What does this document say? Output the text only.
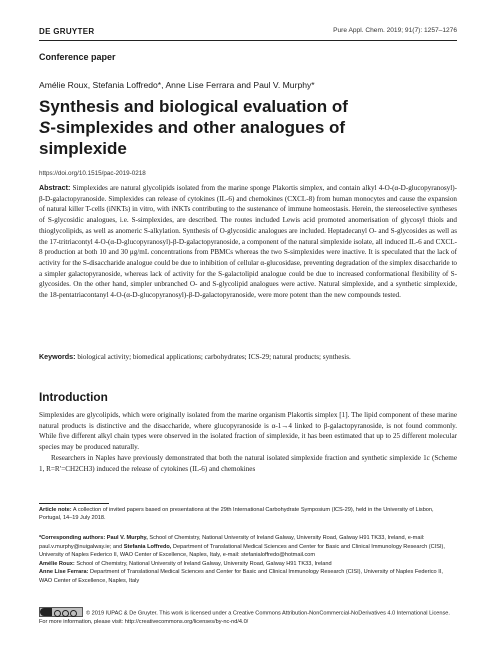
DE GRUYTER	Pure Appl. Chem. 2019; 91(7): 1257–1276
Conference paper
Amélie Roux, Stefania Loffredo*, Anne Lise Ferrara and Paul V. Murphy*
Synthesis and biological evaluation of
S-simplexides and other analogues of
simplexide
https://doi.org/10.1515/pac-2019-0218
Abstract: Simplexides are natural glycolipids isolated from the marine sponge Plakortis simplex, and contain alkyl 4-O-(α-D-glucopyranosyl)-β-D-galactopyranoside. Simplexides can release of cytokines (IL-6) and chemokines (CXCL-8) from human monocytes and cause the expansion of natural killer T-cells (iNKTs) in vitro, with iNKTs contributing to the sustenance of immune homeostasis. Herein, the stereoselective syntheses of S-glycosidic analogues, i.e. S-simplexides, are described. The routes included Lewis acid promoted anomerisation of glycosyl thiols and thioglycolipids, as well as anomeric S-alkylation. Synthesis of O-glycosidic analogues are included. Heptadecanyl O- and S-glycosides as well as the 17-tritriacontyl 4-O-(α-D-glucopyranosyl)-β-D-galactopyranoside, a component of the natural simplexide isolate, all induced IL-6 and CXCL-8 production at both 10 and 30 μg/mL concentrations from PBMCs whereas the two S-simplexides were inactive. It is speculated that the lack of activity for the S-disaccharide analogue could be due to inhibition of cellular α-glucosidase, preventing degradation of the simplex disaccharide to a simpler galactopyranoside, whereas lack of activity for the S-galactolipid analogue could be due to increased conformational flexibility of S-glycosides. On the other hand, simpler unbranched O- and S-glycolipid analogues were active. Natural simplexide, and a synthetic simplexide, the 18-pentatriacontanyl 4-O-(α-D-glucopyranosyl)-β-D-galactopyranoside, were more potent than the new compounds tested.
Keywords: biological activity; biomedical applications; carbohydrates; ICS-29; natural products; synthesis.
Introduction

Simplexides are glycolipids, which were originally isolated from the marine organism Plakortis simplex [1]. The lipid component of these marine natural products is distinctive and the disaccharide, where glucopyranoside is α-1→4 linked to β-galactopyranoside, is not found commonly. While five different alkyl chain types were observed in the isolated fraction of simplexide, it has been estimated that up to 25 different molecular species may be produced naturally.

Researchers in Naples have previously demonstrated that both the natural isolated simplexide fraction and synthetic simplexide 1c (Scheme 1, R=R′=CH2CH3) induced the release of cytokines (IL-6) and chemokines

Article note: A collection of invited papers based on presentations at the 29th International Carbohydrate Symposium (ICS-29), held in the University of Lisbon, Portugal, 14–19 July 2018.
*Corresponding authors: Paul V. Murphy, School of Chemistry, National University of Ireland Galway, University Road, Galway H91 TK33, Ireland, e-mail: paul.v.murphy@nuigalway.ie; and Stefania Loffredo, Department of Translational Medical Sciences and Center for Basic and Clinical Immunology Research (CISI), University of Naples Federico II, WAO Center of Excellence, Naples, Italy, e-mail: stefanialoffredo@hotmail.com
Amélie Roux: School of Chemistry, National University of Ireland Galway, University Road, Galway H91 TK33, Ireland
Anne Lise Ferrara: Department of Translational Medical Sciences and Center for Basic and Clinical Immunology Research (CISI), University of Naples Federico II, WAO Center of Excellence, Naples, Italy
© 2019 IUPAC & De Gruyter. This work is licensed under a Creative Commons Attribution-NonCommercial-NoDerivatives 4.0 International License. For more information, please visit: http://creativecommons.org/licenses/by-nc-nd/4.0/
